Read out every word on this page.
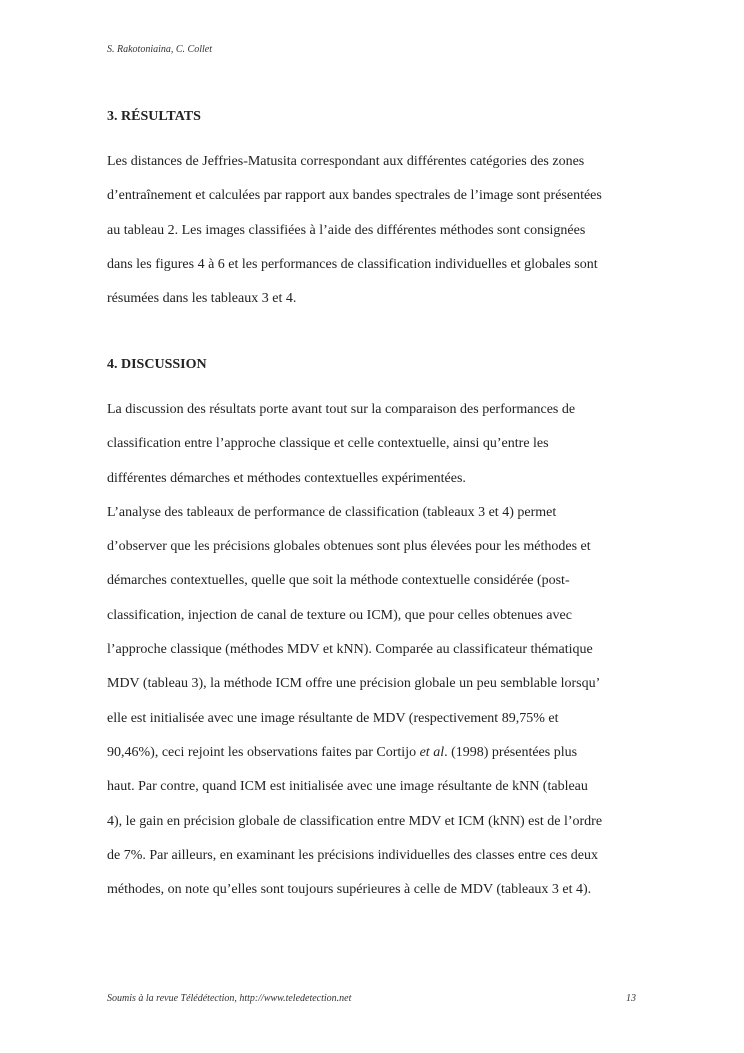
S. Rakotoniaina, C. Collet
3. RÉSULTATS
Les distances de Jeffries-Matusita correspondant aux différentes catégories des zones
d’entraînement et calculées par rapport aux bandes spectrales de l’image sont présentées
au tableau 2. Les images classifiées à l’aide des différentes méthodes sont consignées
dans les figures 4 à 6 et les performances de classification individuelles et globales sont
résumées dans les tableaux 3 et 4.
4. DISCUSSION
La discussion des résultats porte avant tout sur la comparaison des performances de
classification entre l’approche classique et celle contextuelle, ainsi qu’entre les
différentes démarches et méthodes contextuelles expérimentées.
L’analyse des tableaux de performance de classification (tableaux 3 et 4) permet
d’observer que les précisions globales obtenues sont plus élevées pour les méthodes et
démarches contextuelles, quelle que soit la méthode contextuelle considérée (post-
classification, injection de canal de texture ou ICM), que pour celles obtenues avec
l’approche classique (méthodes MDV et kNN). Comparée au classificateur thématique
MDV (tableau 3), la méthode ICM offre une précision globale un peu semblable lorsqu’
elle est initialisée avec une image résultante de MDV (respectivement 89,75% et
90,46%), ceci rejoint les observations faites par Cortijo et al. (1998) présentées plus
haut. Par contre, quand ICM est initialisée avec une image résultante de kNN (tableau
4), le gain en précision globale de classification entre MDV et ICM (kNN) est de l’ordre
de 7%. Par ailleurs, en examinant les précisions individuelles des classes entre ces deux
méthodes, on note qu’elles sont toujours supérieures à celle de MDV (tableaux 3 et 4).
Soumis à la revue Télédétection, http://www.teledetection.net	13
